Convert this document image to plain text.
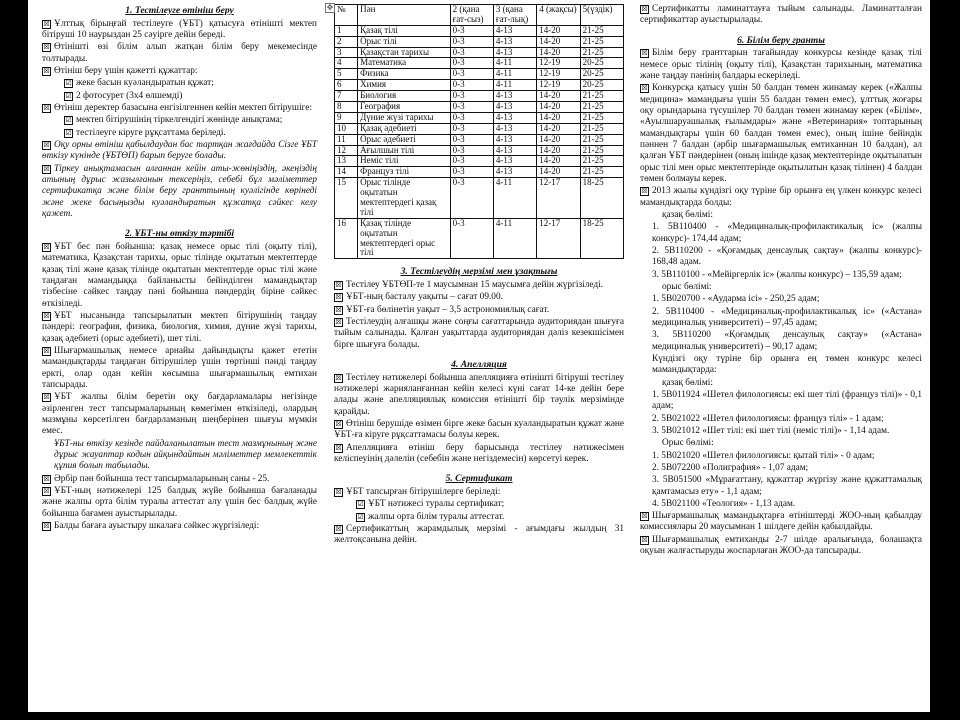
1. Тестілеуге өтініш беру
☒ Ұлттық бірыңғай тестілеуге (ҰБТ) қатысуға өтінішті мектеп бітірушi 10 наурыздан 25 сәуірге дейін береді.
☒ Өтінішті өзі білім алып жатқан білім беру мекемесінде толтырады.
☒ Өтініш беру үшін қажетті құжаттар:
☑ жеке басын куәландыратын құжат;
☑ 2 фотосурет (3х4 өлшемді)
☒ Өтініш деректер базасына енгізілгеннен кейін мектеп бітірушіге:
☑ мектеп бітірушінің тіркелгендігі жөнінде анықтама;
☑ тестілеуге кіруге рұқсаттама беріледі.
☒ Оқу орны өтініш қабылдаудан бас тартқан жағдайда Сізге ҰБТ өткізу күнінде (ҰБТӨП) барып беруге болады.
☒ Тіркеу анықтамасын алғаннан кейін аты-жөніңіздің, әкеңіздің атының дұрыс жазылғанын тексеріңіз, себебі бұл мәліметтер сертификатқа және білім беру гранттының куәлігінде көрінеді және жеке басыңызды куәландыратын құжатқа сәйкес келу қажет.
2. ҰБТ-ны өткізу тәртібі
☒ ҰБТ бес пән бойынша: қазақ немесе орыс тілі (оқыту тілі), математика, Қазақстан тарихы, орыс тілінде оқытатын мектептерде қазақ тілі және қазақ тілінде оқытатын мектептерде орыс тілі және таңдаған мамандыққа байланысты бейінділген мамандықтар тізбесіне сәйкес таңдау пәні бойынша пәндердің біріне сәйкес өткізіледі.
☒ ҰБТ нысанында тапсырылатын мектеп бітірушінің таңдау пәндері: география, физика, биология, химия, дүние жүзі тарихы, қазақ әдебиеті (орыс әдебиеті), шет тілі.
☒ Шығармашылық немесе арнайы дайындықты қажет ететін мамандықтарды таңдаған бітірушілер үшін төртінші пәнді таңдау еркті, олар одан кейін көсымша шығармашылық емтихан тапсырады.
☒ ҰБТ жалпы білім беретін оқу бағдарламалары негізінде әзірленген тест тапсырмаларының көмегімен өткізіледі, олардың мазмұны көрсетілген бағдарламаның шеңберінен шығуы мүмкін емес.
ҰБТ-ны өткізу кезінде пайдаланылатын тест мазмұнының және дұрыс жауаптар кодын айқындайтын мәліметтер мемлекеттік құпия болып табылады.
☒ Әрбір пән бойынша тест тапсырмаларының саны - 25.
☒ ҰБТ-ның нәтижелері 125 балдық жүйе бойынша бағаланады және жалпы орта білім туралы аттестат алу үшін бес балдық жүйе бойынша бағамен ауыстырылады.
☒ Балды бағаға ауыстыру шкалаға сәйкес жүргізіледі:
✥ №	Пән	2 (қана ғат-сыз)	3 (қана ғат-лық)	4 (жақсы)	5(үздік)
1	Қазақ тілі	0-3	4-13	14-20	21-25
2	Орыс тілі	0-3	4-13	14-20	21-25
3	Қазақстан тарихы	0-3	4-13	14-20	21-25
4	Математика	0-3	4-11	12-19	20-25
5	Физика	0-3	4-11	12-19	20-25
6	Химия	0-3	4-11	12-19	20-25
7	Биология	0-3	4-13	14-20	21-25
8	География	0-3	4-13	14-20	21-25
9	Дүние жүзі тарихы	0-3	4-13	14-20	21-25
10	Қазақ әдебиеті	0-3	4-13	14-20	21-25
11	Орыс әдебиеті	0-3	4-13	14-20	21-25
12	Ағылшын тілі	0-3	4-13	14-20	21-25
13	Неміс тілі	0-3	4-13	14-20	21-25
14	Француз тілі	0-3	4-13	14-20	21-25
15	Орыс тілінде оқытатын мектептердегі қазақ тілі	0-3	4-11	12-17	18-25
16	Қазақ тілінде оқытатын мектептердегі орыс тілі	0-3	4-11	12-17	18-25
3. Тестілеудің мерзімі мен ұзақтығы
☒ Тестілеу ҰБТӨП-те 1 маусымнан 15 маусымға дейін жүргізіледі.
☒ ҰБТ-ның басталу уақыты – сағат 09.00.
☒ ҰБТ-ға бөлінетін уақыт – 3,5 астрономиялық сағат.
☒ Тестілеудің алғашқы және соңғы сағаттарында аудиториядан шығуға тыйым салынады. Қалған уақыттарда аудиториядан дәлiз кезекшісімен бірге шығуға болады.
4. Апелляция
☒ Тестілеу нәтижелері бойынша апелляцияға өтінішті бітіруші тестілеу нәтижелері жарияланғаннан кейін келесі күні сағат 14-ке дейін бере алады және апелляциялық комиссия өтінішті бір тәулік мерзімінде қарайды.
☒ Өтініш берушіде өзімен бірге жеке басын куәландыратын құжат және ҰБТ-ға кіруге рұқсаттамасы болуы керек.
☒ Апелляцияға өтініш беру барысында тестілеу нәтижесімен келіспеуінің дәлелін (себебін және негіздемесін) көрсетуі керек.
5. Сертификат
☒ ҰБТ тапсырған бітірушілерге беріледі:
☑ ҰБТ нәтижесі туралы сертификат;
☑ жалпы орта білім туралы аттестат.
☒ Сертификаттың жарамдылық мерзімі - ағымдағы жылдың 31 желтоқсанына дейін.
☒ Сертификатты ламинаттауға тыйым салынады. Ламинатталған сертификаттар ауыстырылады.
6. Білім беру гранты
☒ Білім беру гранттарын тағайындау конкурсы кезінде қазақ тілі немесе орыс тілінің (оқыту тілі), Қазақстан тарихының, математика және таңдау пәнінің балдары ескеріледі.
☒ Конкурсқа қатысу үшін 50 балдан төмен жинамау керек («Жалпы медицина» мамандығы үшін 55 балдан төмен емес), ұлттық жоғары оқу орындарына түсушілер 70 балдан төмен жинамау керек («Білім», «Ауылшаруашылық ғылымдары» және «Ветеринария» топтарының мамандықтары үшін 60 балдан төмен емес), оның ішіне бейіндік пәннен 7 балдан (әрбір шығармашылық емтиханнан 10 балдан), ал қалған ҰБТ пәндерінен (оның ішінде қазақ мектептерінде оқытылатын орыс тілі мен орыс мектептерінде оқытылатын қазақ тілінен) 4 балдан төмен болмауы керек.
☒ 2013 жылы күндізгі оқу түріне бір орынға ең үлкен конкурс келесі мамандықтарда болды:
қазақ бөлімі:
1. 5В110400 - «Медициналық-профилактикалық іс» (жалпы конкурс)- 174,44 адам;
2. 5В110200 - «Қоғамдық денсаулық сақтау» (жалпы конкурс)- 168,48 адам.
3. 5В110100 - «Мейіргерлік іс» (жалпы конкурс) – 135,59 адам;
орыс бөлімі:
1. 5В020700 - «Аударма ісі» - 250,25 адам;
2. 5В110400 - «Медициналық-профилактикалық іс» («Астана» медициналық университеті) – 97,45 адам;
3. 5В110200 «Қоғамдық денсаулық сақтау» («Астана» медициналық университеті) – 90,17 адам;
Күндізгі оқу түріне бір орынға ең төмен конкурс келесі мамандықтарда:
қазақ бөлімі:
1. 5В011924 «Шетел филологиясы: екі шет тілі (француз тілі)» - 0,1 адам;
2. 5В021022 «Шетел филологиясы: француз тілі» - 1 адам;
3. 5В021012 «Шет тілі: екі шет тілі (неміс тілі)» - 1,14 адам.
Орыс бөлімі:
1. 5В021020 «Шетел филологиясы: қытай тілі» - 0 адам;
2. 5В072200 «Полиграфия» - 1,07 адам;
3. 5В051500 «Мұрағаттану, құжаттар жүргізу және құжаттамалық қамтамасыз ету» - 1,1 адам;
4. 5В021100 «Теология» - 1,13 адам.
☒ Шығармашылық мамандықтарға өтініштерді ЖОО-ның қабылдау комиссиялары 20 маусымнан 1 шілдеге дейін қабылдайды.
☒ Шығармашылық емтиханды 2-7 шілде аралығында, болашақта оқуын жалғастыруды жоспарлаған ЖОО-да тапсырады.
